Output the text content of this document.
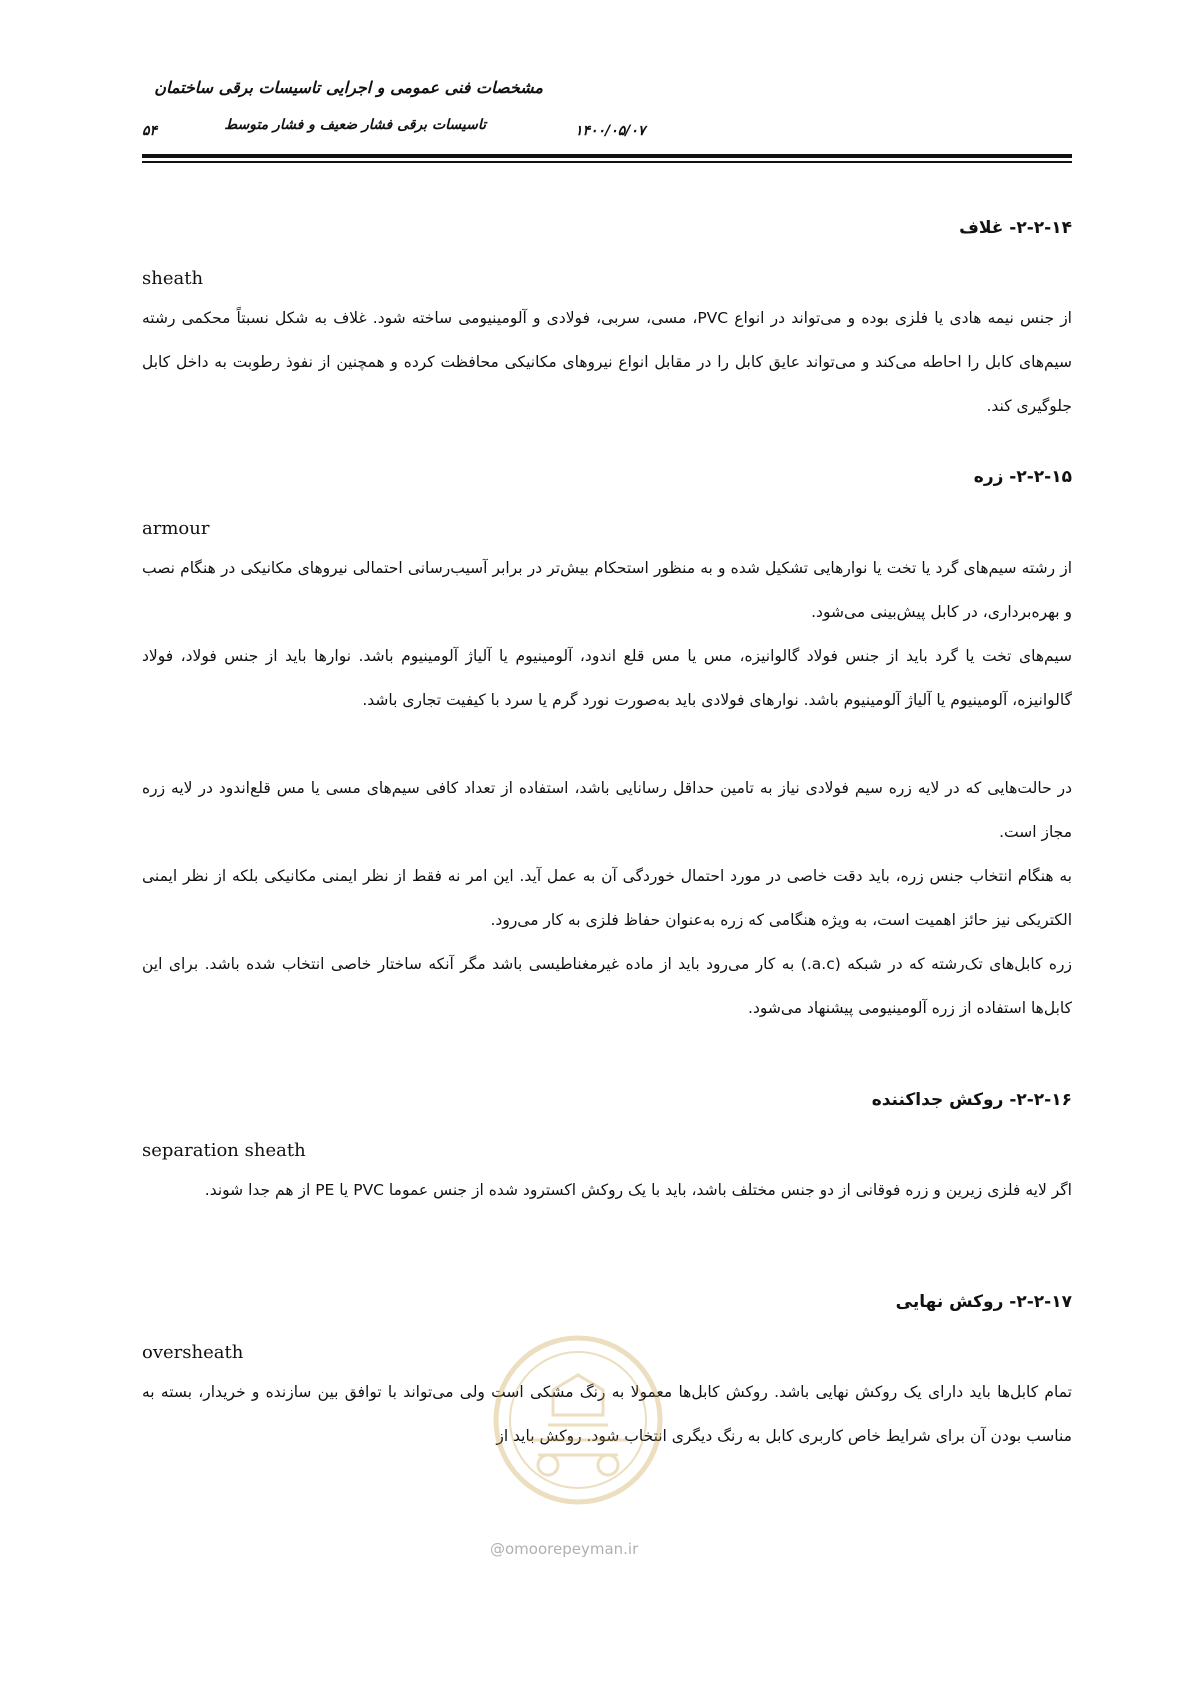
مشخصات فنی عمومی و اجرایی تاسیسات برقی ساختمان
تاسیسات برقی فشار ضعیف و فشار متوسط	۱۴۰۰/۰۵/۰۷
۵۴
۲-۲-۱۴- غلاف
sheath
از جنس نیمه هادی یا فلزی بوده و می‌تواند در انواع PVC، مسی، سربی، فولادی و آلومینیومی ساخته شود. غلاف به شکل نسبتاً محکمی رشته سیم‌های کابل را احاطه می‌کند و می‌تواند عایق کابل را در مقابل انواع نیروهای مکانیکی محافظت کرده و همچنین از نفوذ رطوبت به داخل کابل جلوگیری کند.
۲-۲-۱۵- زره
armour
از رشته سیم‌های گرد یا تخت یا نوارهایی تشکیل شده و به منظور استحکام بیش‌تر در برابر آسیب‌رسانی احتمالی نیروهای مکانیکی در هنگام نصب و بهره‌برداری، در کابل پیش‌بینی می‌شود.
سیم‌های تخت یا گرد باید از جنس فولاد گالوانیزه، مس یا مس قلع اندود، آلومینیوم یا آلیاژ آلومینیوم باشد. نوارها باید از جنس فولاد، فولاد گالوانیزه، آلومینیوم یا آلیاژ آلومینیوم باشد. نوارهای فولادی باید به‌صورت نورد گرم یا سرد با کیفیت تجاری باشد.
در حالت‌هایی که در لایه زره سیم فولادی نیاز به تامین حداقل رسانایی باشد، استفاده از تعداد کافی سیم‌های مسی یا مس قلع‌اندود در لایه زره مجاز است.
به هنگام انتخاب جنس زره، باید دقت خاصی در مورد احتمال خوردگی آن به عمل آید. این امر نه فقط از نظر ایمنی مکانیکی بلکه از نظر ایمنی الکتریکی نیز حائز اهمیت است، به ویژه هنگامی که زره به‌عنوان حفاظ فلزی به کار می‌رود.
زره کابل‌های تک‌رشته که در شبکه (a.c.) به کار می‌رود باید از ماده غیرمغناطیسی باشد مگر آنکه ساختار خاصی انتخاب شده باشد. برای این کابل‌ها استفاده از زره آلومینیومی پیشنهاد می‌شود.
۲-۲-۱۶- روکش جداکننده
separation sheath
اگر لایه فلزی زیرین و زره فوقانی از دو جنس مختلف باشد، باید با یک روکش اکسترود شده از جنس عموما PVC یا PE از هم جدا شوند.
۲-۲-۱۷- روکش نهایی
oversheath
تمام کابل‌ها باید دارای یک روکش نهایی باشد. روکش کابل‌ها معمولا به رنگ مشکی است ولی می‌تواند با توافق بین سازنده و خریدار، بسته به مناسب بودن آن برای شرایط خاص کاربری کابل به رنگ دیگری انتخاب شود. روکش باید از
@omoorepeyman.ir
